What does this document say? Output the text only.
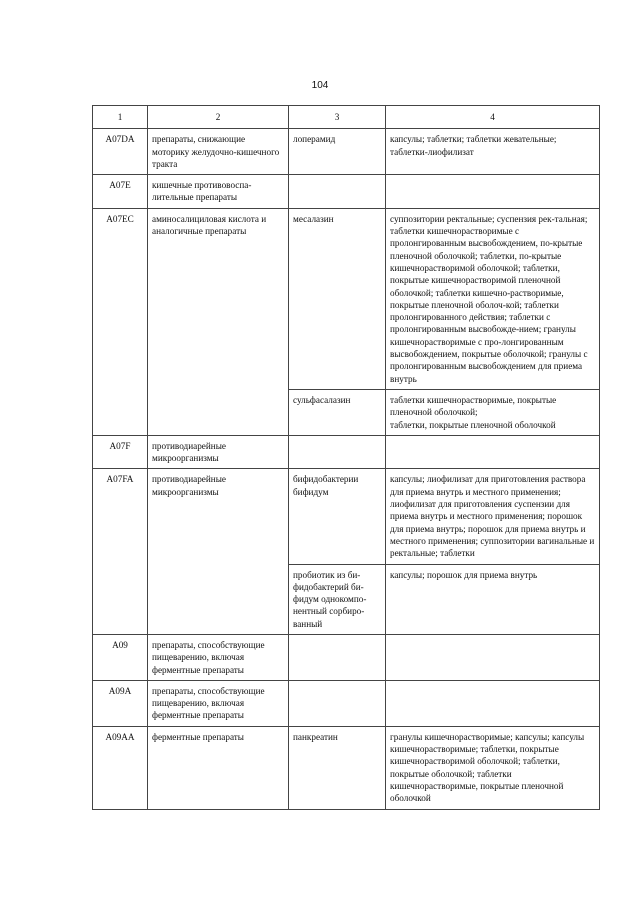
104
1	2	3	4
A07DA	препараты, снижающие моторику желудочно-кишечного тракта	лоперамид	капсулы; таблетки; таблетки жевательные; таблетки-лиофилизат
A07E	кишечные противовоспа-лительные препараты		
A07EC	аминосалициловая кислота и аналогичные препараты	месалазин	суппозитории ректальные; суспензия рек-тальная; таблетки кишечнорастворимые с пролонгированным высвобождением, по-крытые пленочной оболочкой; таблетки, по-крытые кишечнорастворимой оболочкой; таблетки, покрытые кишечнорастворимой пленочной оболочкой; таблетки кишечно-растворимые, покрытые пленочной оболоч-кой; таблетки пролонгированного действия; таблетки с пролонгированным высвобожде-нием; гранулы кишечнорастворимые с про-лонгированным высвобождением, покрытые оболочкой; гранулы с пролонгированным высвобождением для приема внутрь
		сульфасалазин	таблетки кишечнорастворимые, покрытые пленочной оболочкой;
таблетки, покрытые пленочной оболочкой
A07F	противодиарейные микроорганизмы		
A07FA	противодиарейные микроорганизмы	бифидобактерии бифидум	капсулы; лиофилизат для приготовления раствора для приема внутрь и местного применения; лиофилизат для приготовления суспензии для приема внутрь и местного применения; порошок для приема внутрь; порошок для приема внутрь и местного применения; суппозитории вагинальные и ректальные; таблетки
		пробиотик из би-фидобактерий би-фидум однокомпо-нентный сорбиро-ванный	капсулы; порошок для приема внутрь
A09	препараты, способствующие пищеварению, включая ферментные препараты		
A09A	препараты, способствующие пищеварению, включая ферментные препараты		
A09AA	ферментные препараты	панкреатин	гранулы кишечнорастворимые; капсулы; капсулы кишечнорастворимые; таблетки, покрытые кишечнорастворимой оболочкой; таблетки, покрытые оболочкой; таблетки кишечнорастворимые, покрытые пленочной оболочкой
